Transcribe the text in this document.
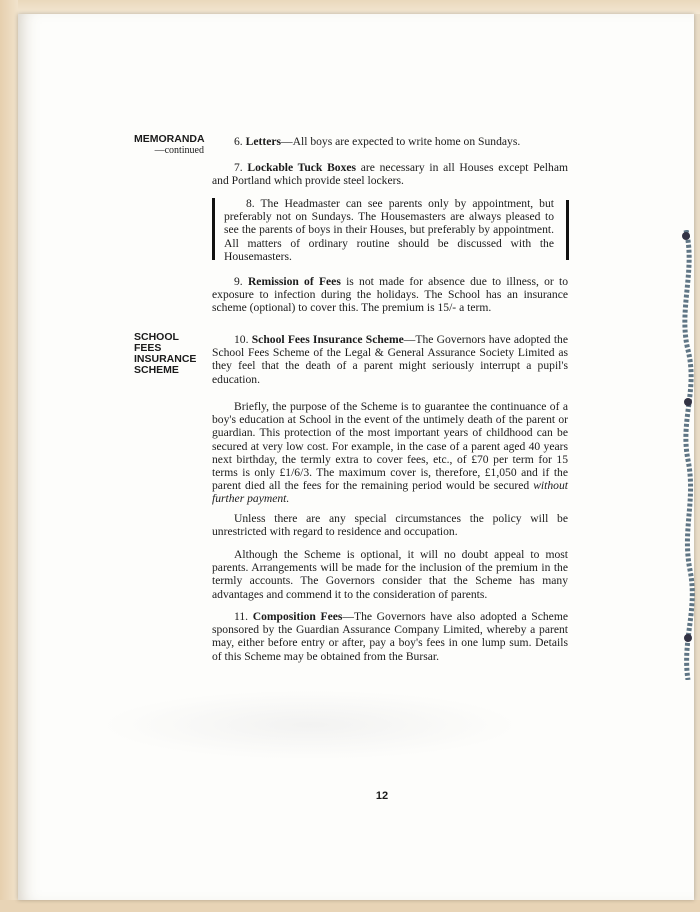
MEMORANDA
—continued
SCHOOL FEES
INSURANCE
SCHEME
6. Letters—All boys are expected to write home on Sundays.
7. Lockable Tuck Boxes are necessary in all Houses except Pelham and Portland which provide steel lockers.
8. The Headmaster can see parents only by appointment, but preferably not on Sundays. The Housemasters are always pleased to see the parents of boys in their Houses, but preferably by appointment. All matters of ordinary routine should be discussed with the Housemasters.
9. Remission of Fees is not made for absence due to illness, or to exposure to infection during the holidays. The School has an insurance scheme (optional) to cover this. The premium is 15/- a term.
10. School Fees Insurance Scheme—The Governors have adopted the School Fees Scheme of the Legal & General Assurance Society Limited as they feel that the death of a parent might seriously interrupt a pupil's education.
Briefly, the purpose of the Scheme is to guarantee the continuance of a boy's education at School in the event of the untimely death of the parent or guardian. This protection of the most important years of childhood can be secured at very low cost. For example, in the case of a parent aged 40 years next birthday, the termly extra to cover fees, etc., of £70 per term for 15 terms is only £1/6/3. The maximum cover is, therefore, £1,050 and if the parent died all the fees for the remaining period would be secured without further payment.
Unless there are any special circumstances the policy will be unrestricted with regard to residence and occupation.
Although the Scheme is optional, it will no doubt appeal to most parents. Arrangements will be made for the inclusion of the premium in the termly accounts. The Governors consider that the Scheme has many advantages and commend it to the consideration of parents.
11. Composition Fees—The Governors have also adopted a Scheme sponsored by the Guardian Assurance Company Limited, whereby a parent may, either before entry or after, pay a boy's fees in one lump sum. Details of this Scheme may be obtained from the Bursar.
12
